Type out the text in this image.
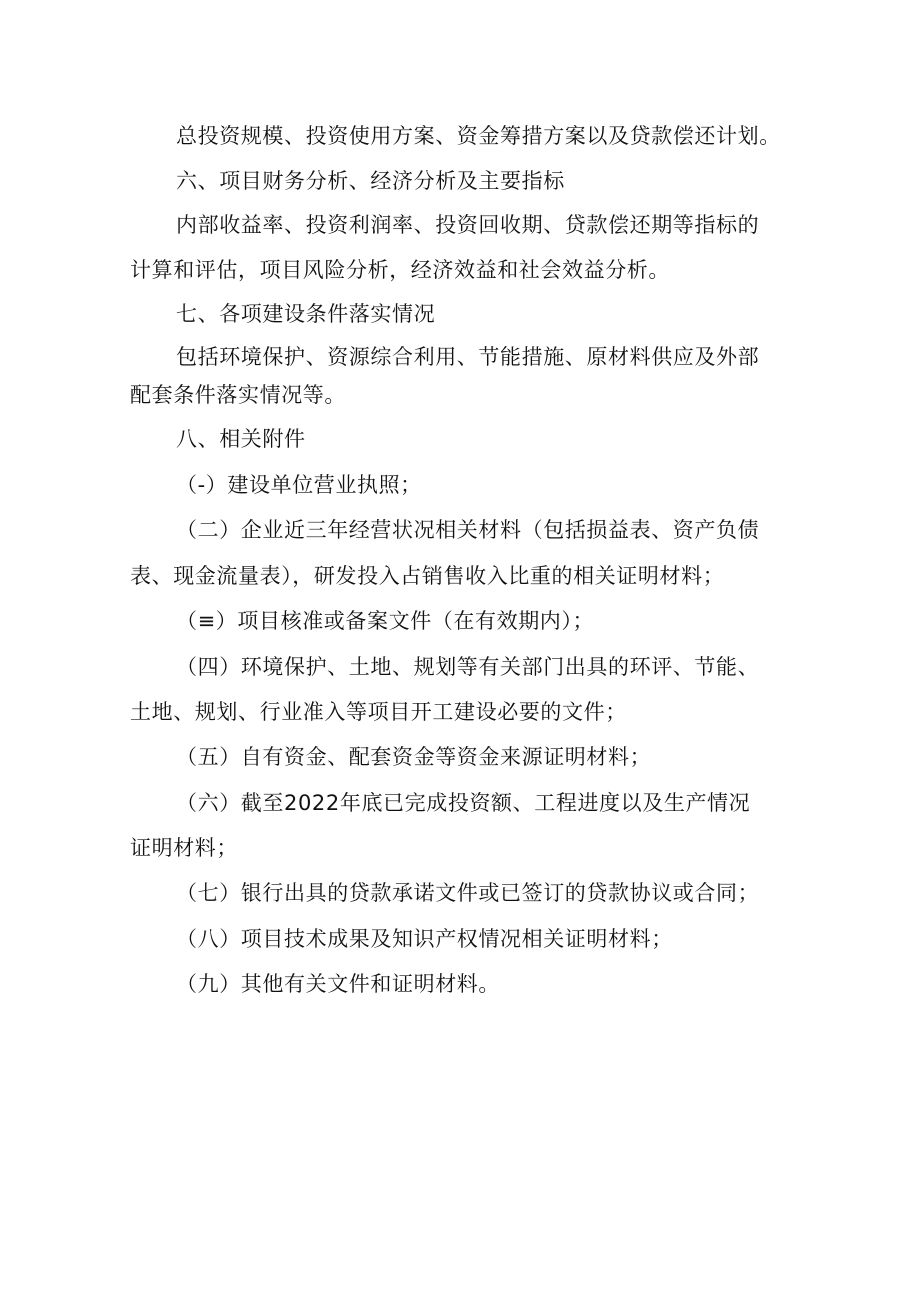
总投资规模、投资使用方案、资金筹措方案以及贷款偿还计划。
六、项目财务分析、经济分析及主要指标
内部收益率、投资利润率、投资回收期、贷款偿还期等指标的
计算和评估，项目风险分析，经济效益和社会效益分析。
七、各项建设条件落实情况
包括环境保护、资源综合利用、节能措施、原材料供应及外部
配套条件落实情况等。
八、相关附件
（-）建设单位营业执照；
（二）企业近三年经营状况相关材料（包括损益表、资产负债
表、现金流量表），研发投入占销售收入比重的相关证明材料；
（≡）项目核准或备案文件（在有效期内）；
（四）环境保护、土地、规划等有关部门出具的环评、节能、
土地、规划、行业准入等项目开工建设必要的文件；
（五）自有资金、配套资金等资金来源证明材料；
（六）截至2022年底已完成投资额、工程进度以及生产情况
证明材料；
（七）银行出具的贷款承诺文件或已签订的贷款协议或合同；
（八）项目技术成果及知识产权情况相关证明材料；
（九）其他有关文件和证明材料。
